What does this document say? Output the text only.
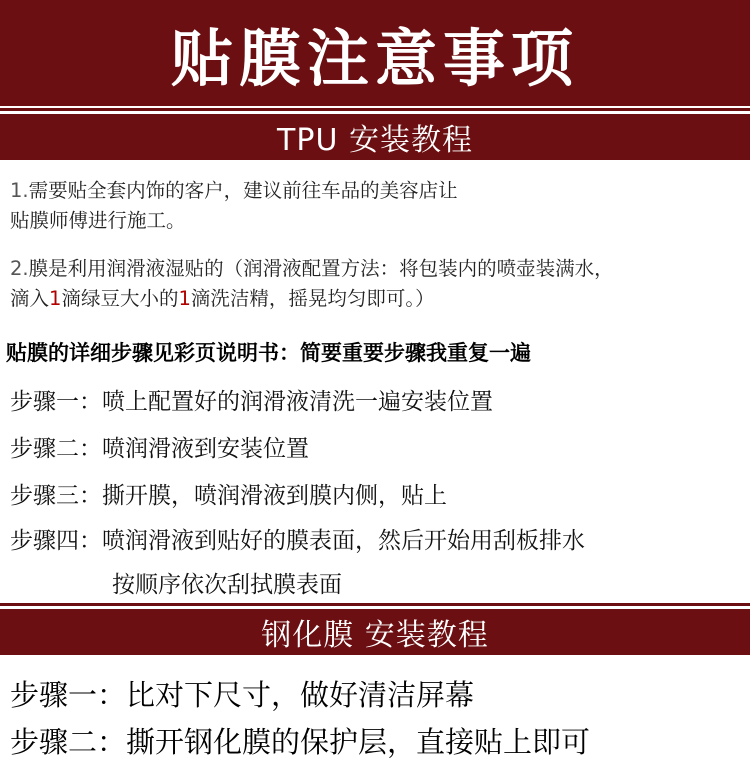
贴膜注意事项
TPU 安装教程
1.需要贴全套内饰的客户，建议前往车品的美容店让
贴膜师傅进行施工。
2.膜是利用润滑液湿贴的（润滑液配置方法：将包装内的喷壶装满水，
滴入1滴绿豆大小的1滴洗洁精，摇晃均匀即可。）
贴膜的详细步骤见彩页说明书：简要重要步骤我重复一遍
步骤一：喷上配置好的润滑液清洗一遍安装位置
步骤二：喷润滑液到安装位置
步骤三：撕开膜，喷润滑液到膜内侧，贴上
步骤四：喷润滑液到贴好的膜表面，然后开始用刮板排水
按顺序依次刮拭膜表面
钢化膜 安装教程
步骤一：比对下尺寸，做好清洁屏幕
步骤二：撕开钢化膜的保护层，直接贴上即可
